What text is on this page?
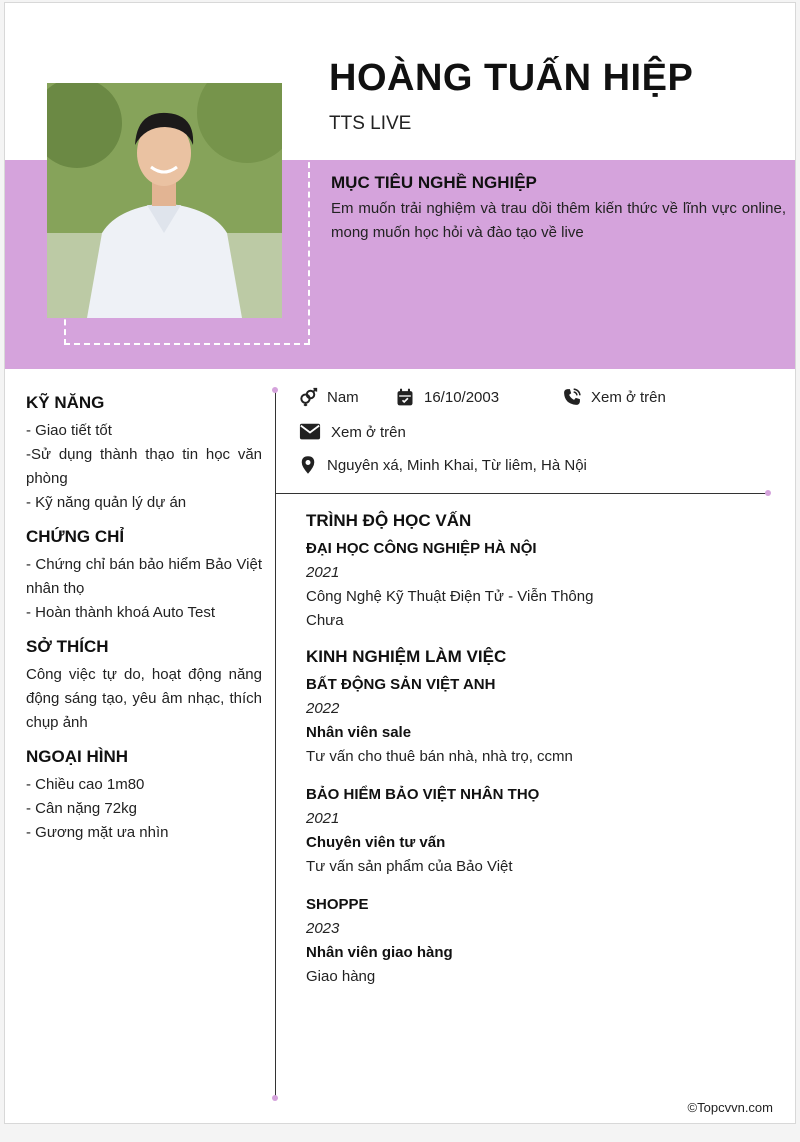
HOÀNG TUẤN HIỆP
TTS LIVE
MỤC TIÊU NGHỀ NGHIỆP

Em muốn trải nghiệm và trau dồi thêm kiến thức về lĩnh vực online, mong muốn học hỏi và đào tạo về live

KỸ NĂNG
- Giao tiết tốt
-Sử dụng thành thạo tin học văn phòng
- Kỹ năng quản lý dự án
CHỨNG CHỈ
- Chứng chỉ bán bảo hiểm Bảo Việt nhân thọ
- Hoàn thành khoá Auto Test
SỞ THÍCH
Công việc tự do, hoạt động năng động sáng tạo, yêu âm nhạc, thích chụp ảnh
NGOẠI HÌNH
- Chiều cao 1m80
- Cân nặng 72kg
- Gương mặt ưa nhìn
Nam	16/10/2003	Xem ở trên
Xem ở trên
Nguyên xá, Minh Khai, Từ liêm, Hà Nội
TRÌNH ĐỘ HỌC VẤN
ĐẠI HỌC CÔNG NGHIỆP HÀ NỘI
2021
Công Nghệ Kỹ Thuật Điện Tử - Viễn Thông
Chưa
KINH NGHIỆM LÀM VIỆC
BẤT ĐỘNG SẢN VIỆT ANH
2022
Nhân viên sale
Tư vấn cho thuê bán nhà, nhà trọ, ccmn
BẢO HIỂM BẢO VIỆT NHÂN THỌ
2021
Chuyên viên tư vấn
Tư vấn sản phẩm của Bảo Việt
SHOPPE
2023
Nhân viên giao hàng
Giao hàng
©Topcvvn.com
